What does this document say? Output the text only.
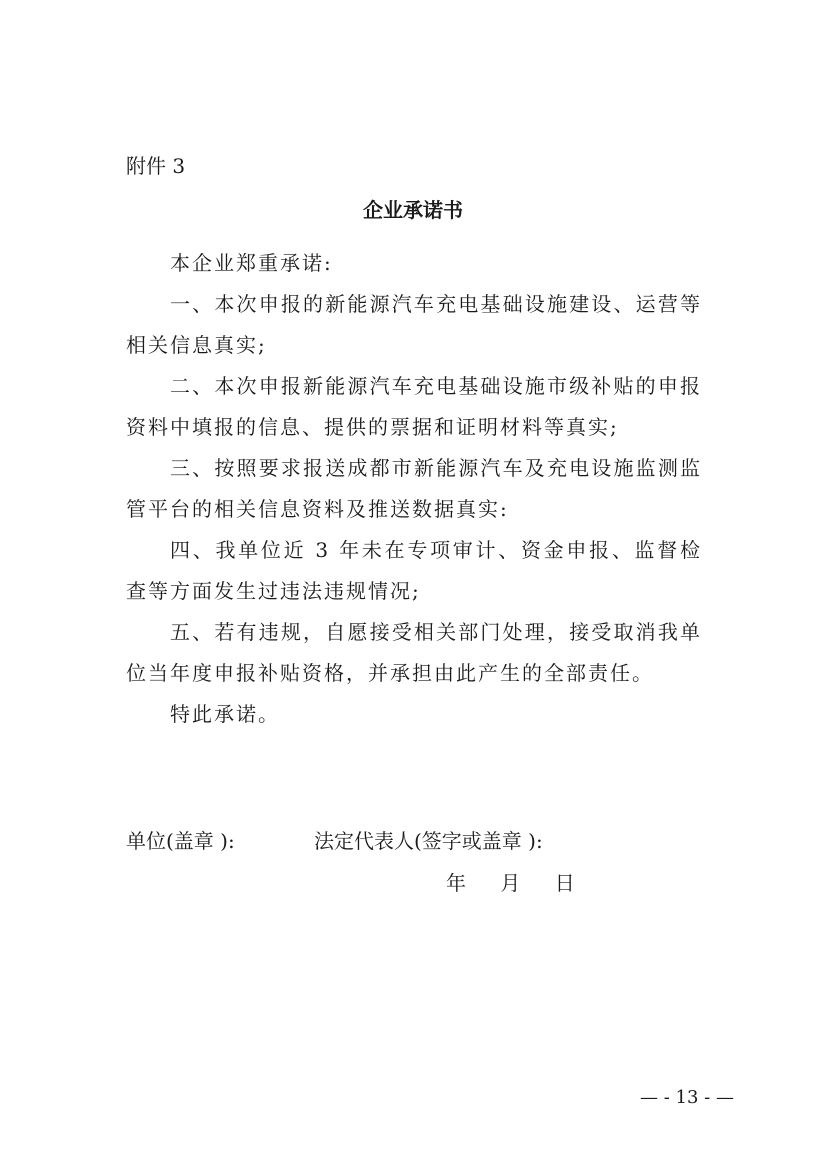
附件 3
企业承诺书

本企业郑重承诺:

一、本次申报的新能源汽车充电基础设施建设、运营等相关信息真实;

二、本次申报新能源汽车充电基础设施市级补贴的申报资料中填报的信息、提供的票据和证明材料等真实;

三、按照要求报送成都市新能源汽车及充电设施监测监管平台的相关信息资料及推送数据真实:

四、我单位近 3 年未在专项审计、资金申报、监督检查等方面发生过违法违规情况;

五、若有违规，自愿接受相关部门处理，接受取消我单位当年度申报补贴资格，并承担由此产生的全部责任。

特此承诺。

单位(盖章 ):	法定代表人(签字或盖章 ):
年 月 日
— - 13 - —
